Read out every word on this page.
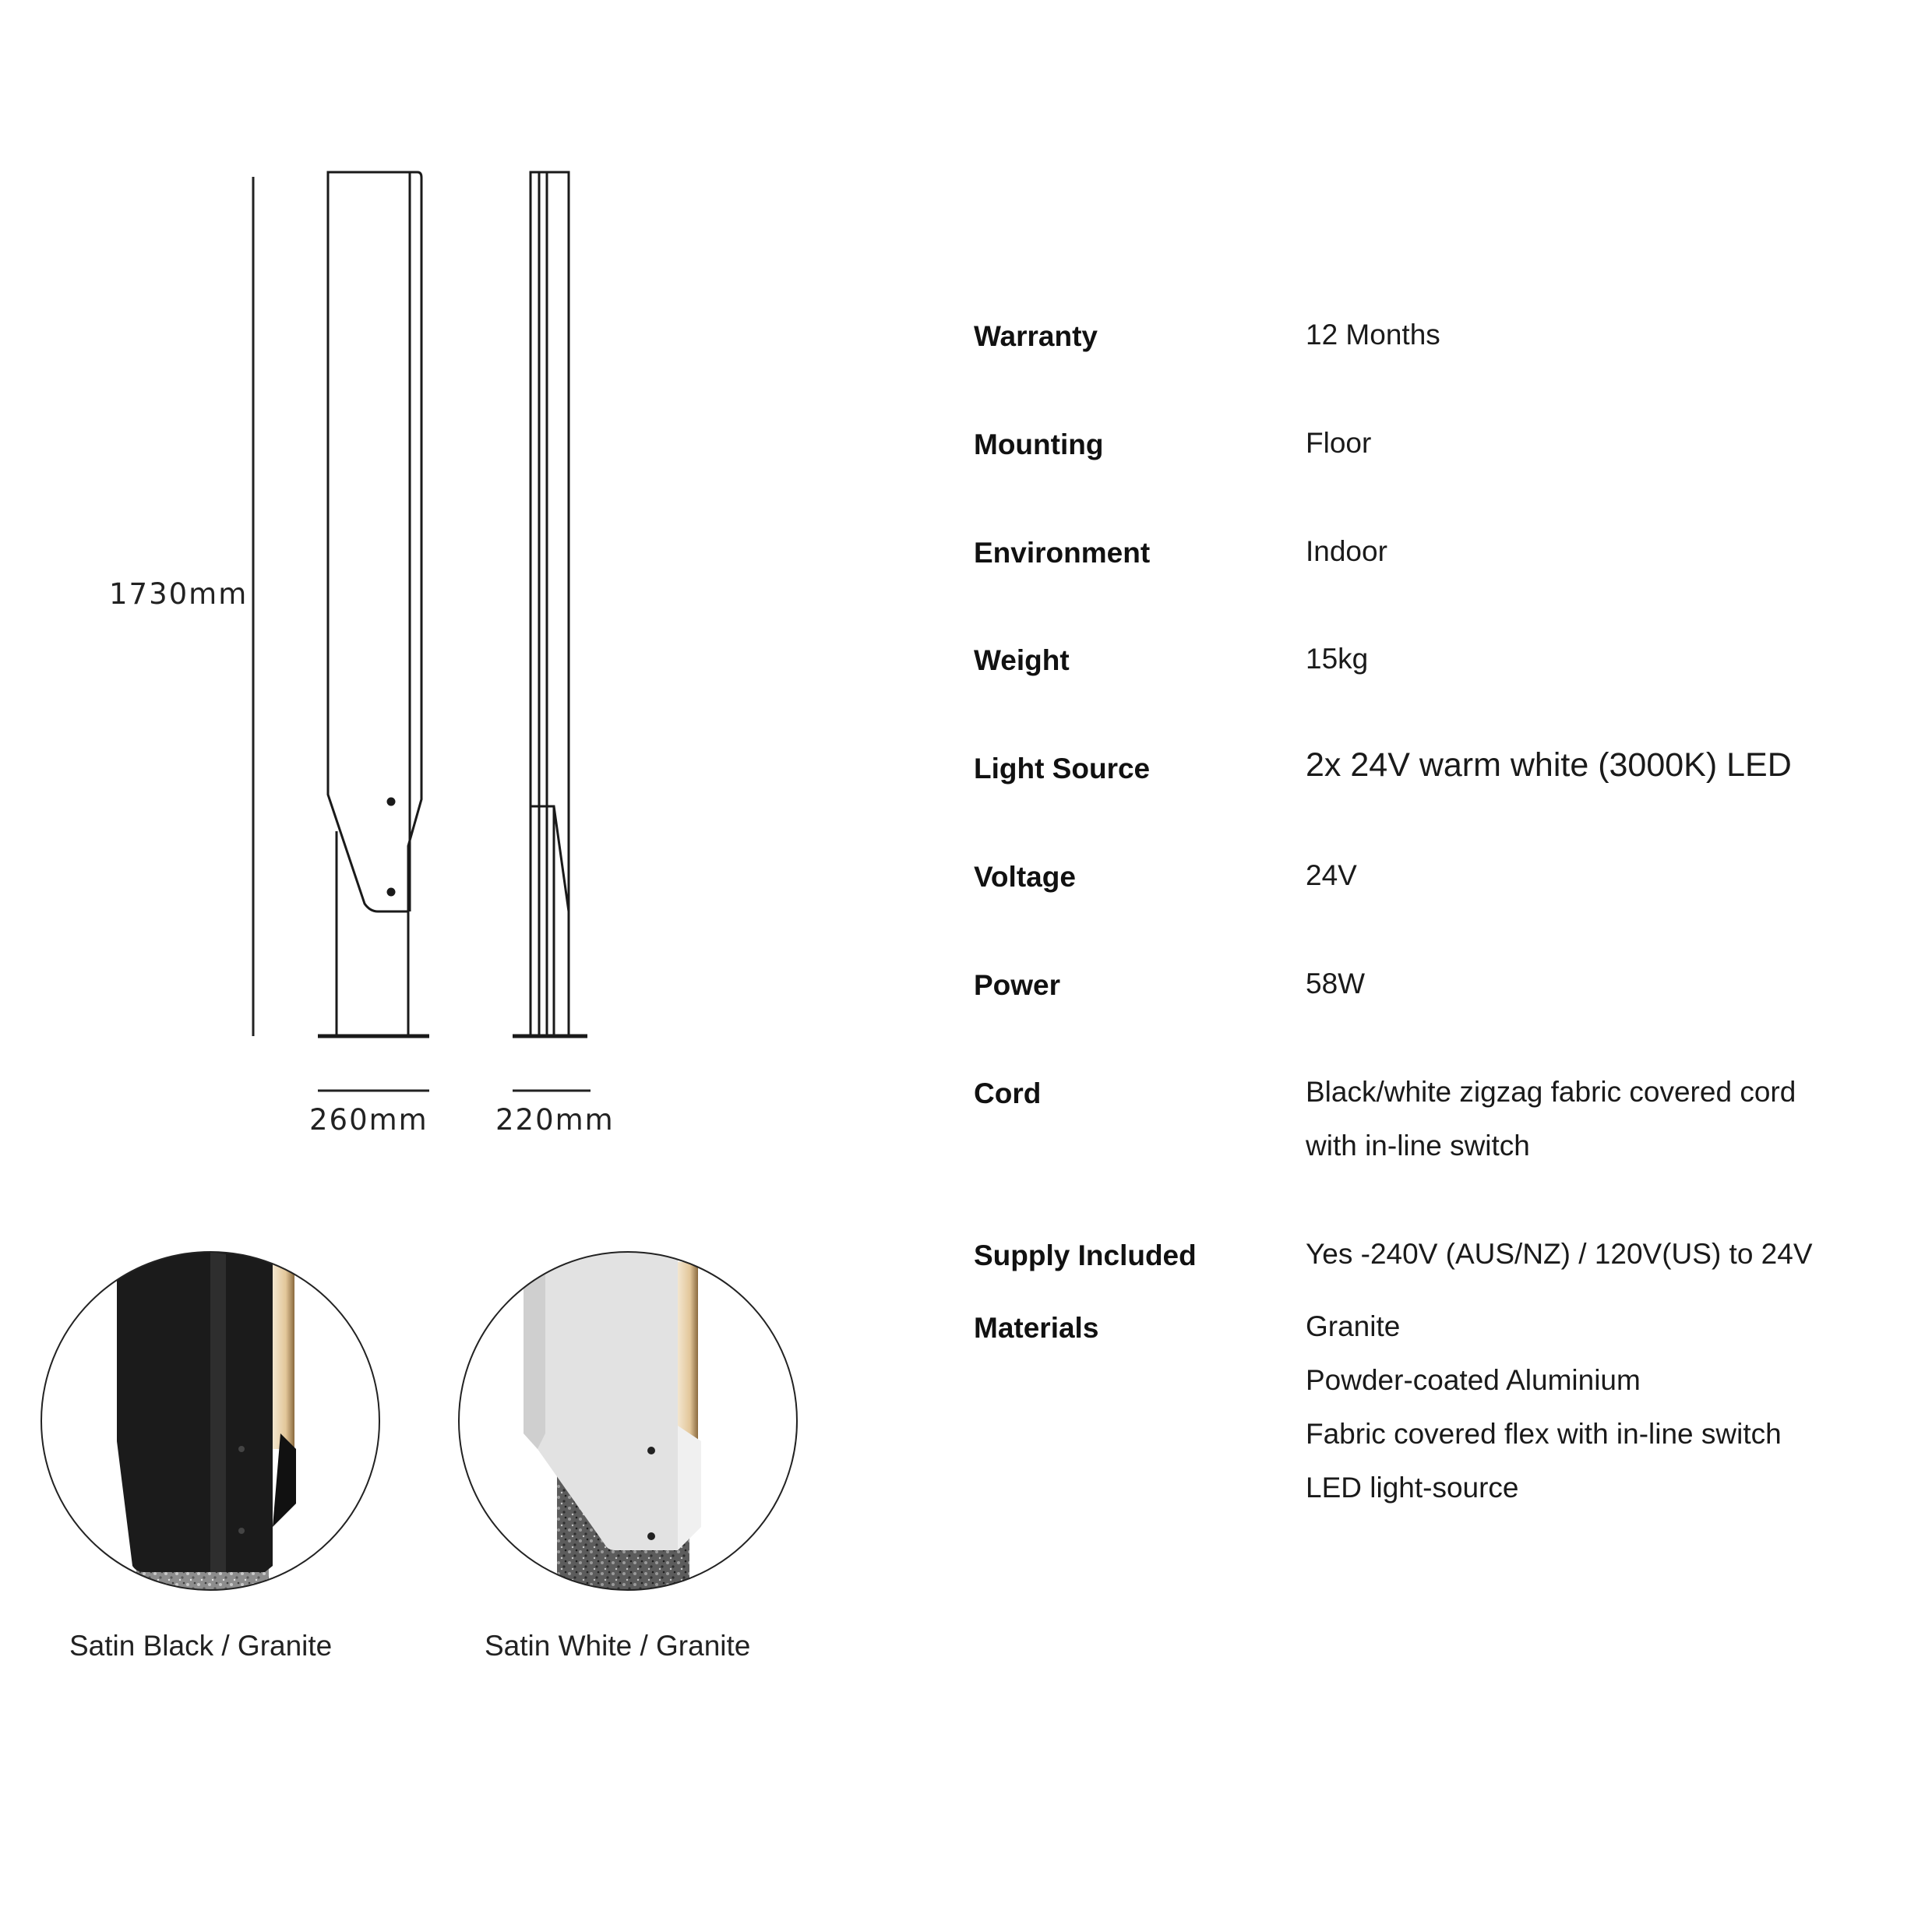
1730mm
260mm 220mm
Satin Black / Granite	Satin White / Granite
Warranty	12 Months
Mounting	Floor
Environment	Indoor
Weight	15kg
Light Source	2x 24V warm white (3000K) LED
Voltage	24V
Power	58W
Cord	Black/white zigzag fabric covered cord
with in-line switch
Supply Included	Yes -240V (AUS/NZ) / 120V(US) to 24V
Materials	Granite
Powder-coated Aluminium
Fabric covered flex with in-line switch
LED light-source
